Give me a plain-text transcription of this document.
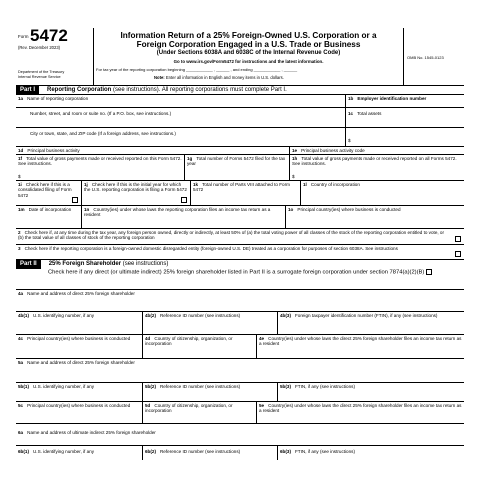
Form 5472
(Rev. December 2023)
Department of the Treasury
Internal Revenue Service
Information Return of a 25% Foreign-Owned U.S. Corporation or a Foreign Corporation Engaged in a U.S. Trade or Business
(Under Sections 6038A and 6038C of the Internal Revenue Code)
Go to www.irs.gov/Form5472 for instructions and the latest information.
For tax year of the reporting corporation beginning ____________ , ______ , and ending ____________ , ______
Note: Enter all information in English and money items in U.S. dollars.
OMB No. 1545-0123
Part I	Reporting Corporation (see instructions). All reporting corporations must complete Part I.
1a Name of reporting corporation	1b Employer identification number
Number, street, and room or suite no. (If a P.O. box, see instructions.)	1c Total assets
City or town, state, and ZIP code (If a foreign address, see instructions.)
$
1d Principal business activity	1e Principal business activity code
1f Total value of gross payments made or received reported on this Form 5472. See instructions.
$
1g Total number of Forms 5472 filed for the tax year
1h Total value of gross payments made or received reported on all Forms 5472. See instructions.
$
1i Check here if this is a consolidated filing of Form 5472
1j Check here if this is the initial year for which the U.S. reporting corporation is filing a Form 5472
1k Total number of Parts VIII attached to Form 5472
1l Country of incorporation
1m Date of incorporation	1n Country(ies) under whose laws the reporting corporation files an income tax return as a resident
1o Principal country(ies) where business is conducted
2 Check here if, at any time during the tax year, any foreign person owned, directly or indirectly, at least 50% of (a) the total voting power of all classes of the stock of the reporting corporation entitled to vote, or (b) the total value of all classes of stock of the reporting corporation
3 Check here if the reporting corporation is a foreign-owned domestic disregarded entity (foreign-owned U.S. DE) treated as a corporation for purposes of section 6038A. See instructions
Part II	25% Foreign Shareholder (see instructions)
Check here if any direct (or ultimate indirect) 25% foreign shareholder listed in Part II is a surrogate foreign corporation under section 7874(a)(2)(B)
4a Name and address of direct 25% foreign shareholder
4b(1) U.S. identifying number, if any	4b(2) Reference ID number (see instructions)	4b(3) Foreign taxpayer identification number (FTIN), if any (see instructions)
4c Principal country(ies) where business is conducted	4d Country of citizenship, organization, or incorporation
4e Country(ies) under whose laws the direct 25% foreign shareholder files an income tax return as a resident
5a Name and address of direct 25% foreign shareholder
5b(1) U.S. identifying number, if any	5b(2) Reference ID number (see instructions)	5b(3) FTIN, if any (see instructions)
5c Principal country(ies) where business is conducted	5d Country of citizenship, organization, or incorporation
5e Country(ies) under whose laws the direct 25% foreign shareholder files an income tax return as a resident
6a Name and address of ultimate indirect 25% foreign shareholder
6b(1) U.S. identifying number, if any	6b(2) Reference ID number (see instructions)	6b(3) FTIN, if any (see instructions)
